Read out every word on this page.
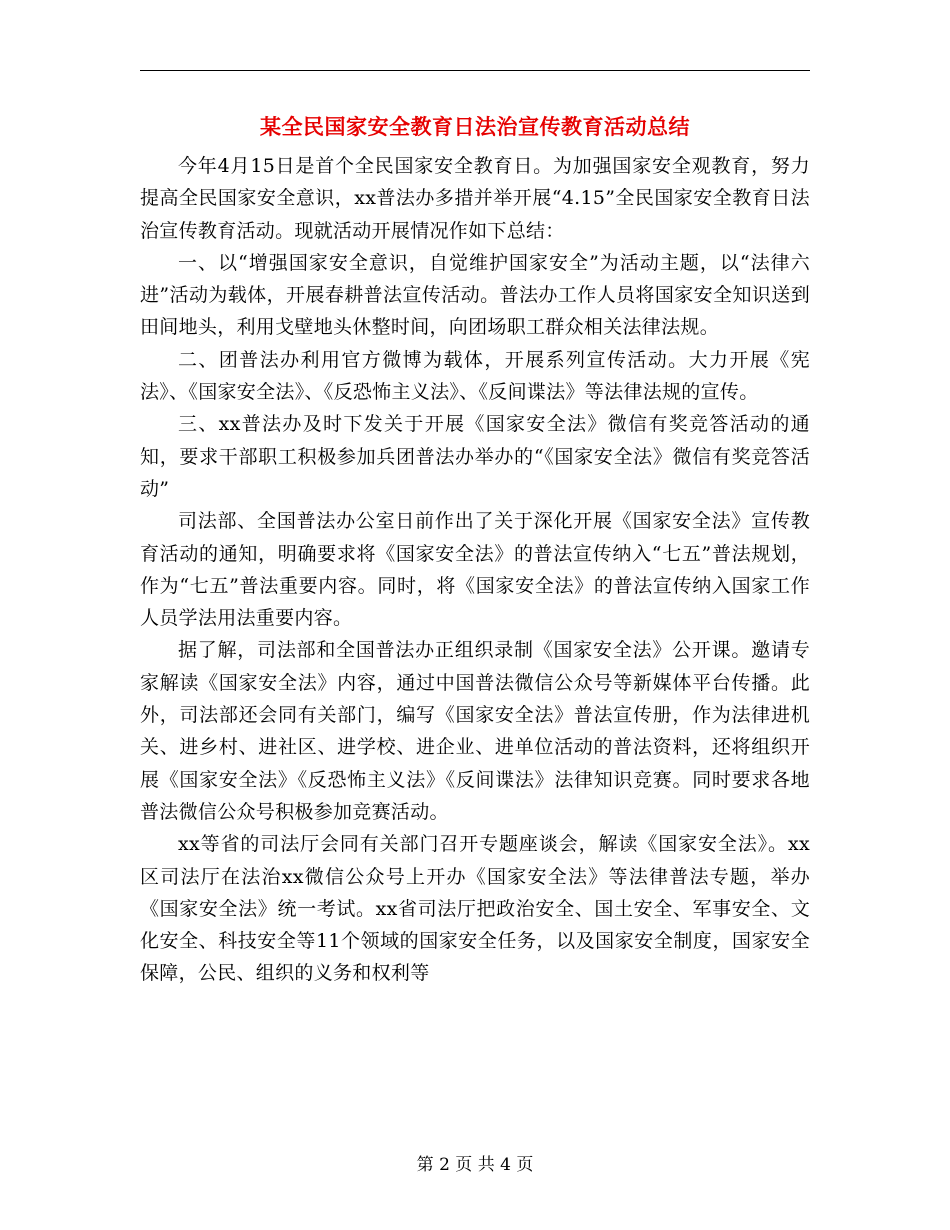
某全民国家安全教育日法治宣传教育活动总结

今年4月15日是首个全民国家安全教育日。为加强国家安全观教育，努力提高全民国家安全意识，xx普法办多措并举开展“4.15”全民国家安全教育日法治宣传教育活动。现就活动开展情况作如下总结：

一、以“增强国家安全意识，自觉维护国家安全”为活动主题，以“法律六进”活动为载体，开展春耕普法宣传活动。普法办工作人员将国家安全知识送到田间地头，利用戈壁地头休整时间，向团场职工群众相关法律法规。

二、团普法办利用官方微博为载体，开展系列宣传活动。大力开展《宪法》、《国家安全法》、《反恐怖主义法》、《反间谍法》等法律法规的宣传。

三、xx普法办及时下发关于开展《国家安全法》微信有奖竞答活动的通知，要求干部职工积极参加兵团普法办举办的“《国家安全法》微信有奖竞答活动”

司法部、全国普法办公室日前作出了关于深化开展《国家安全法》宣传教育活动的通知，明确要求将《国家安全法》的普法宣传纳入“七五”普法规划，作为“七五”普法重要内容。同时，将《国家安全法》的普法宣传纳入国家工作人员学法用法重要内容。

据了解，司法部和全国普法办正组织录制《国家安全法》公开课。邀请专家解读《国家安全法》内容，通过中国普法微信公众号等新媒体平台传播。此外，司法部还会同有关部门，编写《国家安全法》普法宣传册，作为法律进机关、进乡村、进社区、进学校、进企业、进单位活动的普法资料，还将组织开展《国家安全法》《反恐怖主义法》《反间谍法》法律知识竞赛。同时要求各地普法微信公众号积极参加竞赛活动。

xx等省的司法厅会同有关部门召开专题座谈会，解读《国家安全法》。xx区司法厅在法治xx微信公众号上开办《国家安全法》等法律普法专题，举办《国家安全法》统一考试。xx省司法厅把政治安全、国土安全、军事安全、文化安全、科技安全等11个领域的国家安全任务，以及国家安全制度，国家安全保障，公民、组织的义务和权利等

第 2 页 共 4 页
